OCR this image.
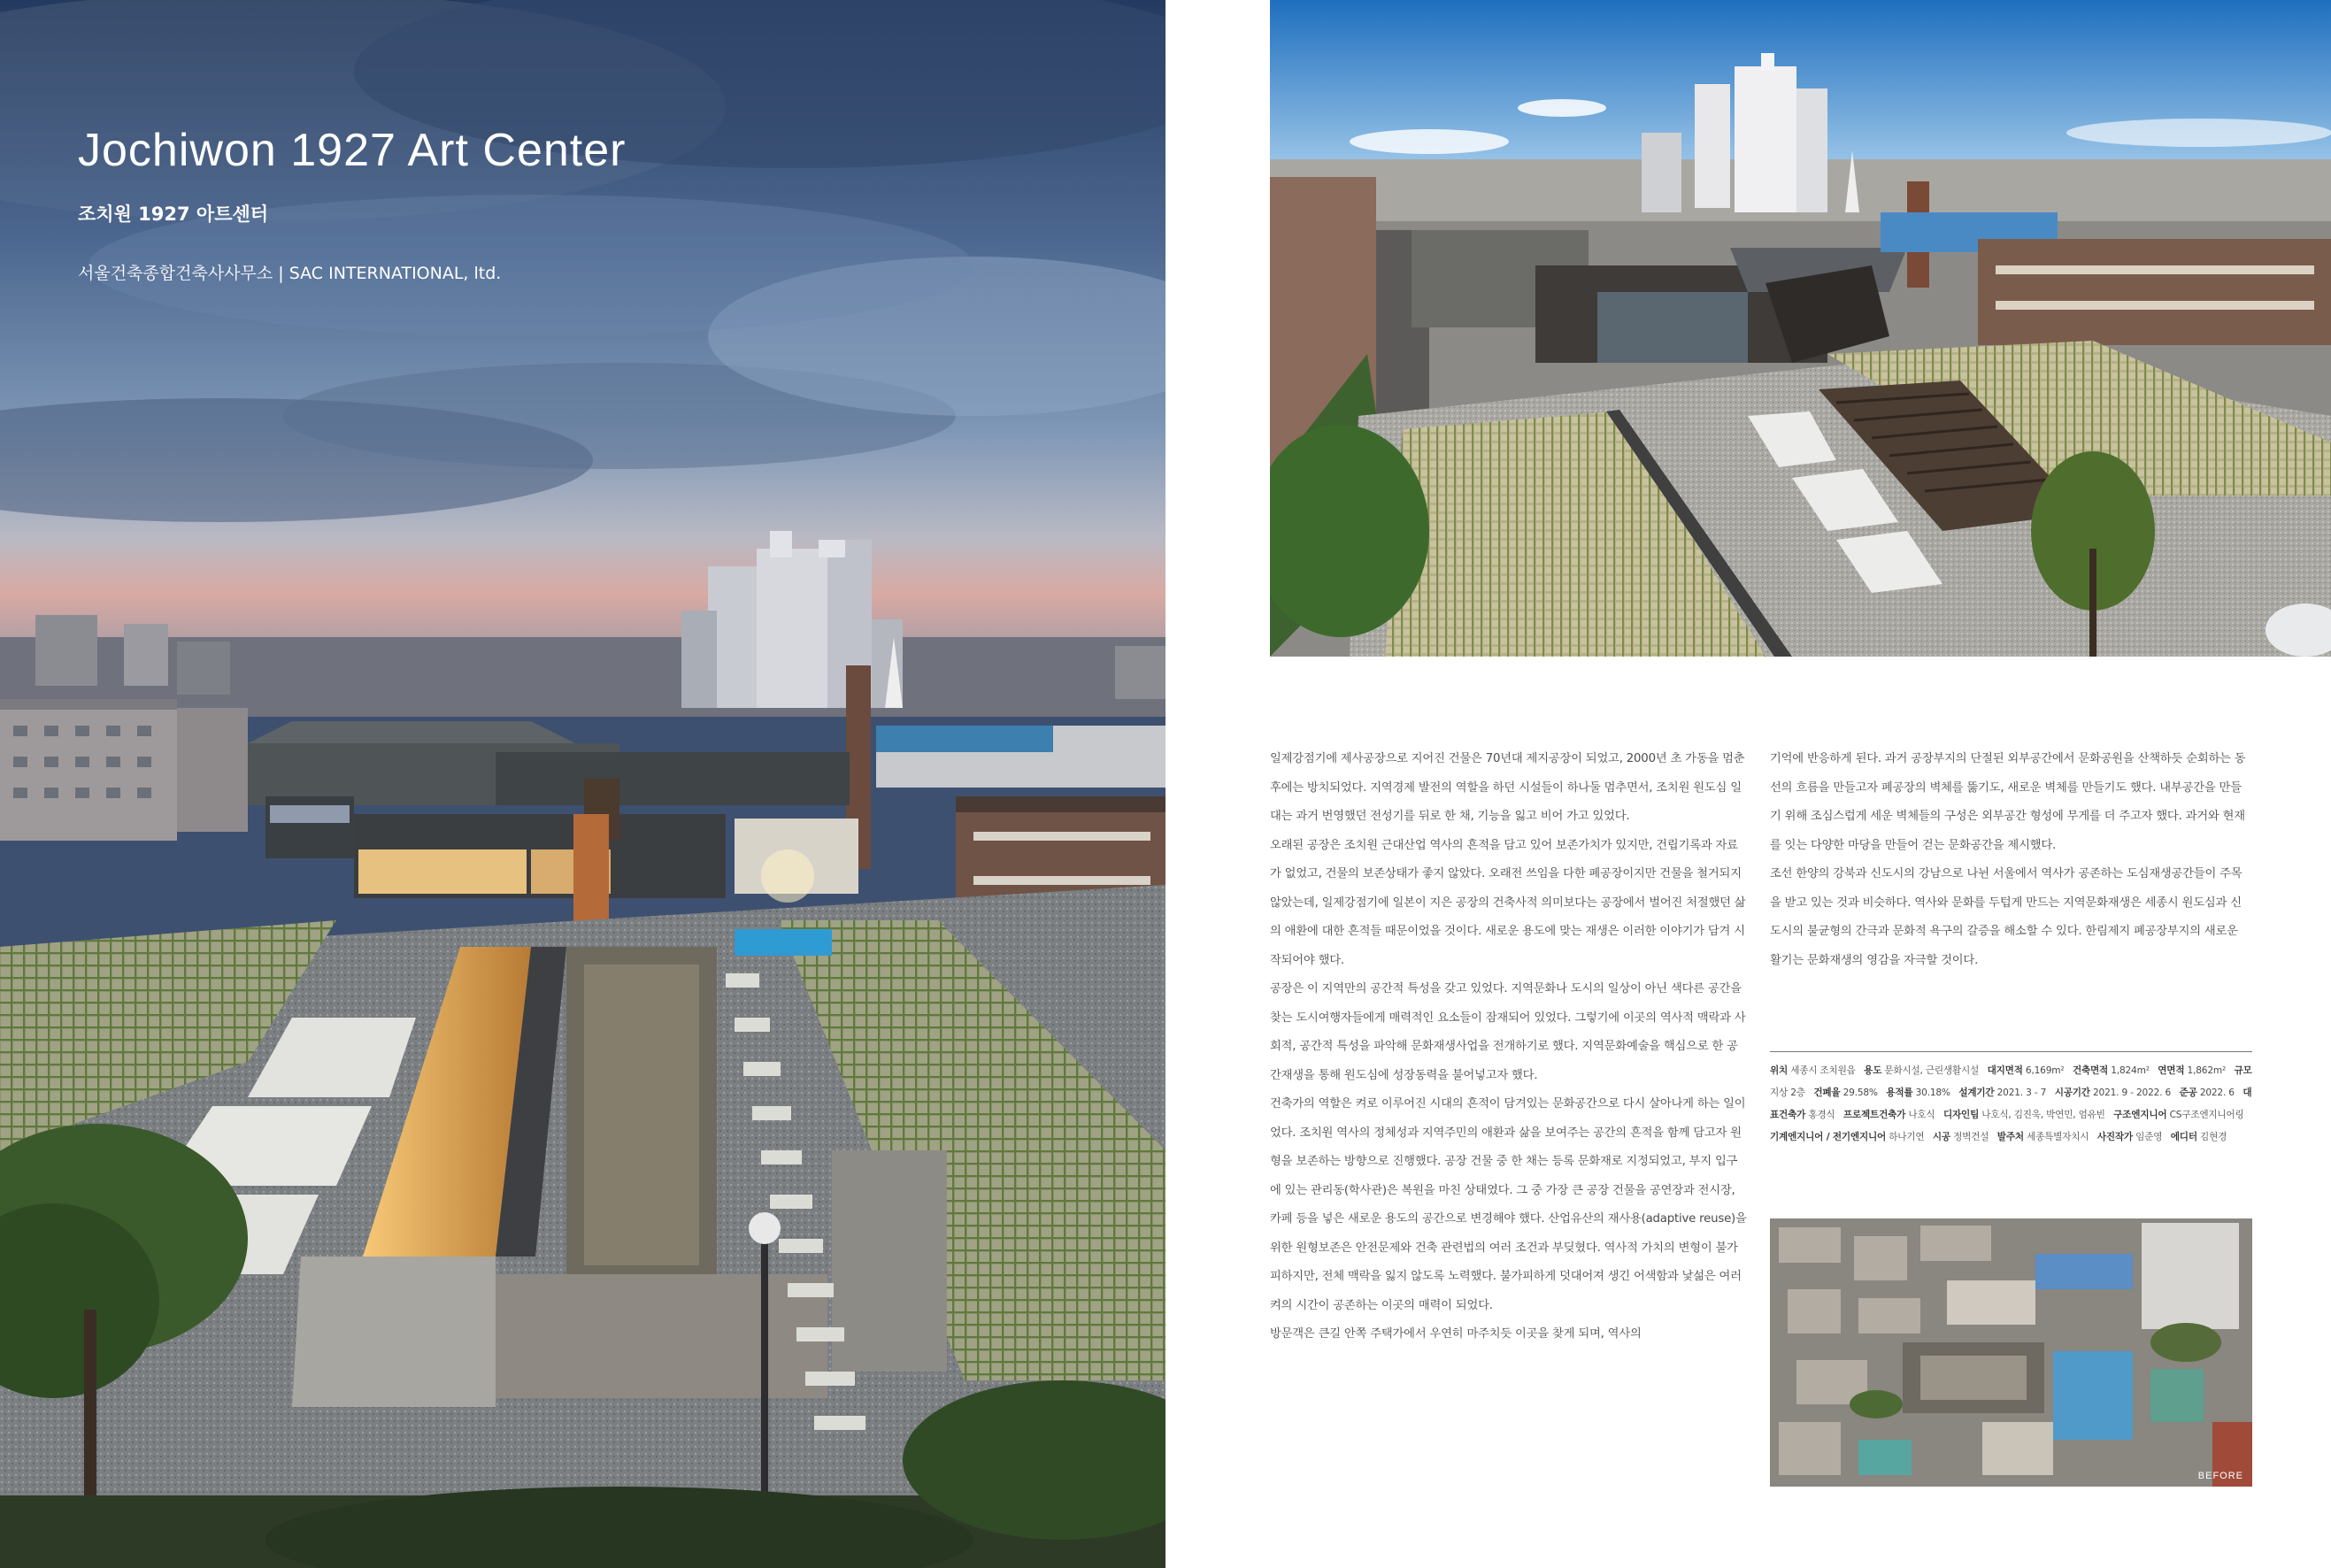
Jochiwon 1927 Art Center
조치원 1927 아트센터
서울건축종합건축사사무소 | SAC INTERNATIONAL, ltd.

일제강점기에 제사공장으로 지어진 건물은 70년대 제지공장이 되었고, 2000년 초 가동을 멈춘 후에는 방치되었다. 지역경제 발전의 역할을 하던 시설들이 하나둘 멈추면서, 조치원 원도심 일대는 과거 번영했던 전성기를 뒤로 한 채, 기능을 잃고 비어 가고 있었다.

오래된 공장은 조치원 근대산업 역사의 흔적을 담고 있어 보존가치가 있지만, 건립기록과 자료가 없었고, 건물의 보존상태가 좋지 않았다. 오래전 쓰임을 다한 폐공장이지만 건물을 철거되지 않았는데, 일제강점기에 일본이 지은 공장의 건축사적 의미보다는 공장에서 벌어진 처절했던 삶의 애환에 대한 흔적들 때문이었을 것이다. 새로운 용도에 맞는 재생은 이러한 이야기가 담겨 시작되어야 했다.

공장은 이 지역만의 공간적 특성을 갖고 있었다. 지역문화나 도시의 일상이 아닌 색다른 공간을 찾는 도시여행자들에게 매력적인 요소들이 잠재되어 있었다. 그렇기에 이곳의 역사적 맥락과 사회적, 공간적 특성을 파악해 문화재생사업을 전개하기로 했다. 지역문화예술을 핵심으로 한 공간재생을 통해 원도심에 성장동력을 불어넣고자 했다.

건축가의 역할은 켜로 이루어진 시대의 흔적이 담겨있는 문화공간으로 다시 살아나게 하는 일이었다. 조치원 역사의 정체성과 지역주민의 애환과 삶을 보여주는 공간의 흔적을 함께 담고자 원형을 보존하는 방향으로 진행했다. 공장 건물 중 한 채는 등록 문화재로 지정되었고, 부지 입구에 있는 관리동(학사관)은 복원을 마친 상태였다. 그 중 가장 큰 공장 건물을 공연장과 전시장, 카페 등을 넣은 새로운 용도의 공간으로 변경해야 했다. 산업유산의 재사용(adaptive reuse)을 위한 원형보존은 안전문제와 건축 관련법의 여러 조건과 부딪혔다. 역사적 가치의 변형이 불가피하지만, 전체 맥락을 잃지 않도록 노력했다. 불가피하게 덧대어져 생긴 어색함과 낯섦은 여러 켜의 시간이 공존하는 이곳의 매력이 되었다.

방문객은 큰길 안쪽 주택가에서 우연히 마주치듯 이곳을 찾게 되며, 역사의

기억에 반응하게 된다. 과거 공장부지의 단절된 외부공간에서 문화공원을 산책하듯 순회하는 동선의 흐름을 만들고자 폐공장의 벽체를 뚫기도, 새로운 벽체를 만들기도 했다. 내부공간을 만들기 위해 조심스럽게 세운 벽체들의 구성은 외부공간 형성에 무게를 더 주고자 했다. 과거와 현재를 잇는 다양한 마당을 만들어 걷는 문화공간을 제시했다.

조선 한양의 강북과 신도시의 강남으로 나뉜 서울에서 역사가 공존하는 도심재생공간들이 주목을 받고 있는 것과 비슷하다. 역사와 문화를 두텁게 만드는 지역문화재생은 세종시 원도심과 신도시의 불균형의 간극과 문화적 욕구의 갈증을 해소할 수 있다. 한림제지 폐공장부지의 새로운 활기는 문화재생의 영감을 자극할 것이다.

위치 세종시 조치원읍 용도 문화시설, 근린생활시설 대지면적 6,169m² 건축면적 1,824m² 연면적 1,862m² 규모 지상 2층 건폐율 29.58% 용적률 30.18% 설계기간 2021. 3 - 7 시공기간 2021. 9 - 2022. 6 준공 2022. 6 대표건축가 홍경식 프로젝트건축가 나호식 디자인팀 나호식, 김진욱, 박연민, 엄유빈 구조엔지니어 CS구조엔지니어링   기계엔지니어 / 전기엔지니어 하나기연 시공 정벽건설 발주처 세종특별자치시 사진작가 임준영 에디터 김현경
BEFORE
